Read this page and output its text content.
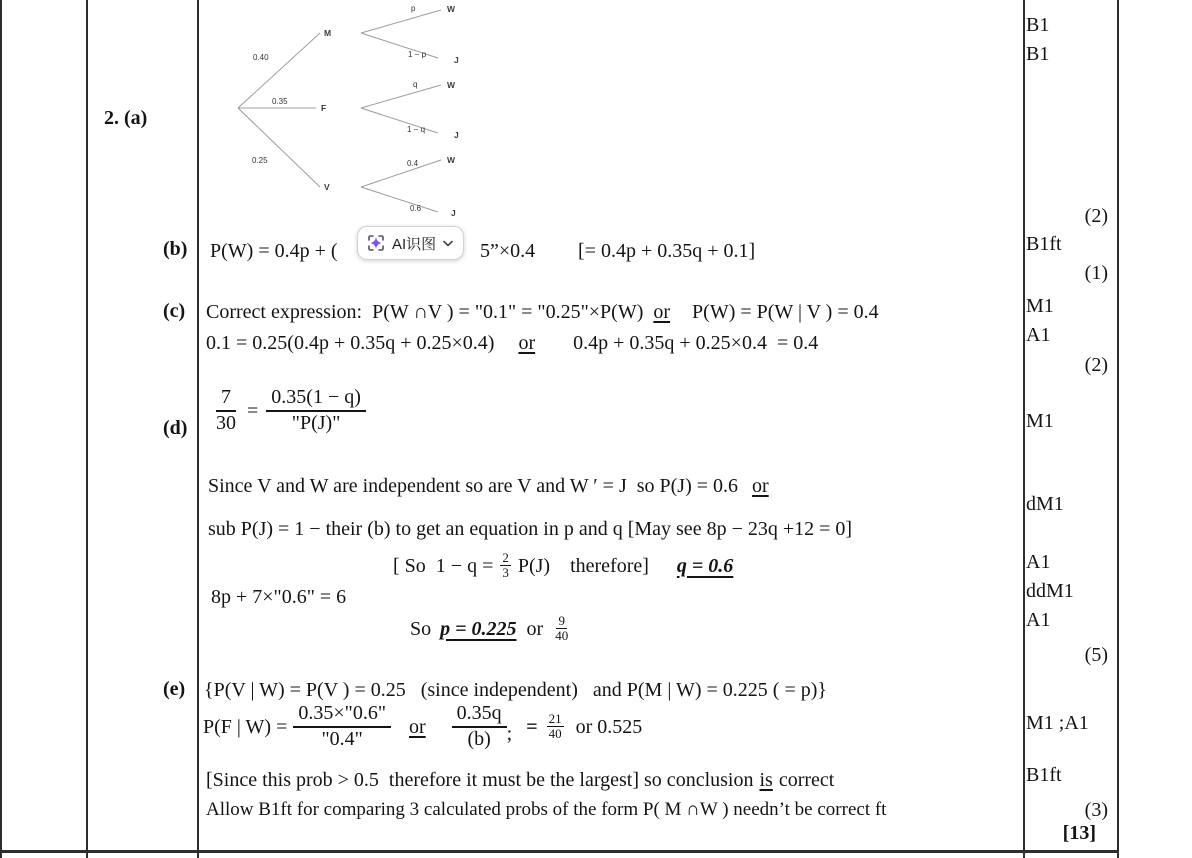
2. (a)
(b)
(c)
(d)
(e)
0.40
0.35
0.25
M
F
V
p
1 − p
W
J
q
1 − q
W
J
0.4
0.6
W
J
P(W) = 0.4p + (	5”×0.4 [= 0.4p + 0.35q + 0.1]
AI识图
Correct expression:  P(W ∩V ) = "0.1" = "0.25"×P(W) or P(W) = P(W | V ) = 0.4
0.1 = 0.25(0.4p + 0.35q + 0.25×0.4) or 0.4p + 0.35q + 0.25×0.4  = 0.4
$\frac{7}{30} = \frac{0.35(1 - q)}{"P(J)"}$
Since V and W are independent so are V and W ′ = J  so P(J) = 0.6 or
sub P(J) = 1 − their (b) to get an equation in p and q [May see 8p − 23q +12 = 0]
[ So  $1 - q = \frac{2}{3} P(J)$    therefore] q = 0.6
8p + 7×"0.6" = 6
So p = 0.225 or $\frac{9}{40}$
{P(V | W) = P(V ) = 0.25   (since independent)   and P(M | W) = 0.225 ( = p)}
P(F | $W) = \frac{0.35\times"0.6"}{"0.4"}$ or $\frac{0.35q}{(b)}$ ; = $\frac{21}{40}$ or 0.525
[Since this prob > 0.5  therefore it must be the largest] so conclusion is correct
Allow B1ft for comparing 3 calculated probs of the form P( M ∩W ) needn’t be correct ft
B1
B1
(2)
B1ft
(1)
M1
A1
(2)
M1
dM1
A1
ddM1
A1
(5)
M1 ;A1
B1ft
(3)
[13]
